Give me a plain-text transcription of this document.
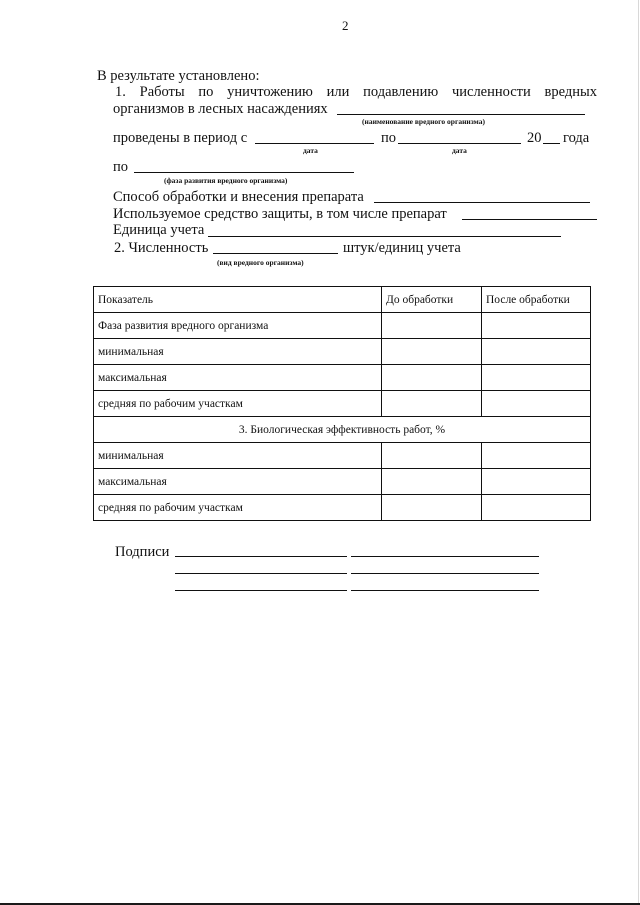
2
В результате установлено:
1. Работы по уничтожению или подавлению численности вредных
организмов в лесных насаждениях
(наименование вредного организма)
проведены в период с	по	20 года
дата	дата
по
(фаза развития вредного организма)
Способ обработки и внесения препарата
Используемое средство защиты, в том числе препарат
Единица учета
2. Численность	штук/единиц учета
(вид вредного организма)
Показатель	До обработки	После обработки
Фаза развития вредного организма		
минимальная		
максимальная		
средняя по рабочим участкам		
3. Биологическая эффективность работ, %		
минимальная		
максимальная		
средняя по рабочим участкам		
Подписи
